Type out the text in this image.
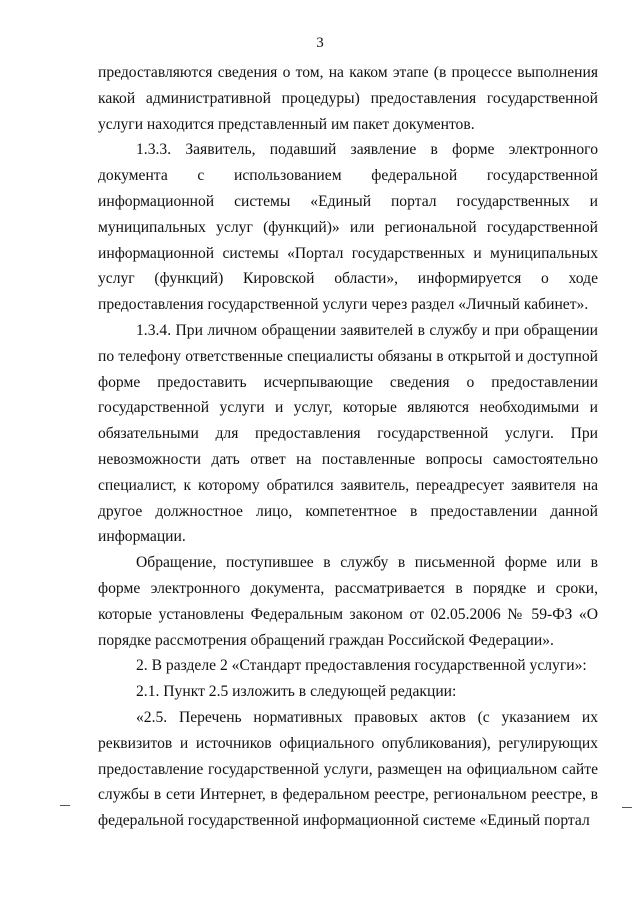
3

предоставляются сведения о том, на каком этапе (в процессе выполнения какой административной процедуры) предоставления государственной услуги находится представленный им пакет документов.

1.3.3. Заявитель, подавший заявление в форме электронного документа с использованием федеральной государственной информационной системы «Единый портал государственных и муниципальных услуг (функций)» или региональной государственной информационной системы «Портал государственных и муниципальных услуг (функций) Кировской области», информируется о ходе предоставления государственной услуги через раздел «Личный кабинет».

1.3.4. При личном обращении заявителей в службу и при обращении по телефону ответственные специалисты обязаны в открытой и доступной форме предоставить исчерпывающие сведения о предоставлении государственной услуги и услуг, которые являются необходимыми и обязательными для предоставления государственной услуги. При невозможности дать ответ на поставленные вопросы самостоятельно специалист, к которому обратился заявитель, переадресует заявителя на другое должностное лицо, компетентное в предоставлении данной информации.

Обращение, поступившее в службу в письменной форме или в форме электронного документа, рассматривается в порядке и сроки, которые установлены Федеральным законом от 02.05.2006 № 59-ФЗ «О порядке рассмотрения обращений граждан Российской Федерации».

2. В разделе 2 «Стандарт предоставления государственной услуги»:

2.1. Пункт 2.5 изложить в следующей редакции:

«2.5. Перечень нормативных правовых актов (с указанием их реквизитов и источников официального опубликования), регулирующих предоставление государственной услуги, размещен на официальном сайте службы в сети Интернет, в федеральном реестре, региональном реестре, в федеральной государственной информационной системе «Единый портал
